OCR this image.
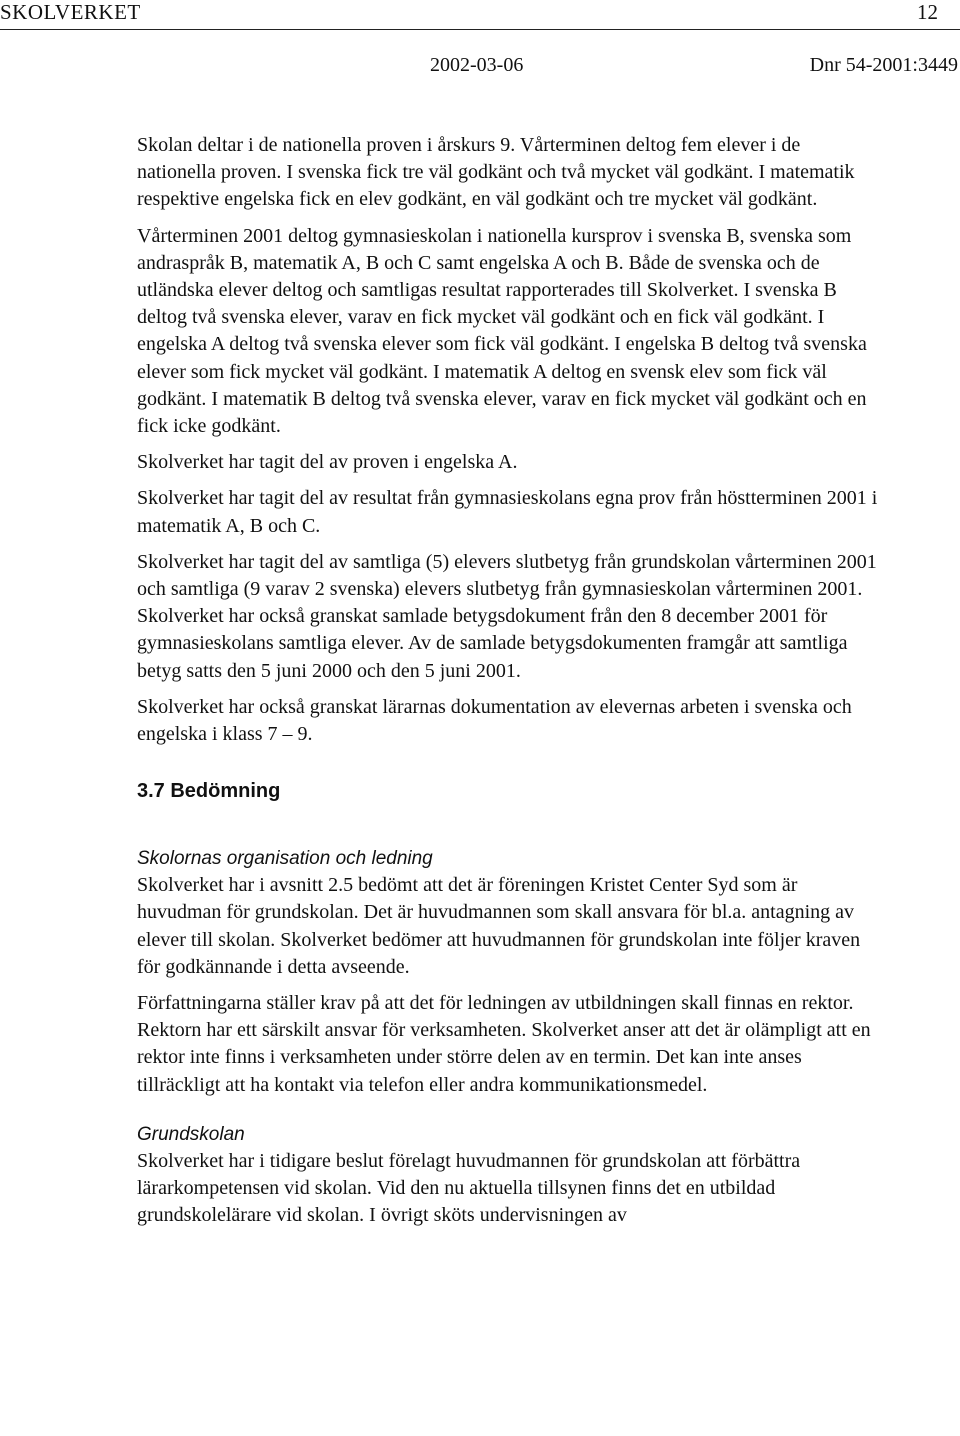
SKOLVERKET	12
2002-03-06	Dnr 54-2001:3449

Skolan deltar i de nationella proven i årskurs 9. Vårterminen deltog fem elever i de nationella proven. I svenska fick tre väl godkänt och två mycket väl godkänt. I matematik respektive engelska fick en elev godkänt, en väl godkänt och tre mycket väl godkänt.

Vårterminen 2001 deltog gymnasieskolan i nationella kursprov i svenska B, svenska som andraspråk B, matematik A, B och C samt engelska A och B. Både de svenska och de utländska elever deltog och samtligas resultat rapporterades till Skolverket. I svenska B deltog två svenska elever, varav en fick mycket väl godkänt och en fick väl godkänt. I engelska A deltog två svenska elever som fick väl godkänt. I engelska B deltog två svenska elever som fick mycket väl godkänt. I matematik A deltog en svensk elev som fick väl godkänt. I matematik B deltog två svenska elever, varav en fick mycket väl godkänt och en fick icke godkänt.

Skolverket har tagit del av proven i engelska A.

Skolverket har tagit del av resultat från gymnasieskolans egna prov från höstterminen 2001 i matematik A, B och C.

Skolverket har tagit del av samtliga (5) elevers slutbetyg från grundskolan vårterminen 2001 och samtliga (9 varav 2 svenska) elevers slutbetyg från gymnasieskolan vårterminen 2001. Skolverket har också granskat samlade betygsdokument från den 8 december 2001 för gymnasieskolans samtliga elever. Av de samlade betygsdokumenten framgår att samtliga betyg satts den 5 juni 2000 och den 5 juni 2001.

Skolverket har också granskat lärarnas dokumentation av elevernas arbeten i svenska och engelska i klass 7 – 9.

3.7 Bedömning
Skolornas organisation och ledning

Skolverket har i avsnitt 2.5 bedömt att det är föreningen Kristet Center Syd som är huvudman för grundskolan. Det är huvudmannen som skall ansvara för bl.a. antagning av elever till skolan. Skolverket bedömer att huvudmannen för grundskolan inte följer kraven för godkännande i detta avseende.

Författningarna ställer krav på att det för ledningen av utbildningen skall finnas en rektor. Rektorn har ett särskilt ansvar för verksamheten. Skolverket anser att det är olämpligt att en rektor inte finns i verksamheten under större delen av en termin. Det kan inte anses tillräckligt att ha kontakt via telefon eller andra kommunikationsmedel.

Grundskolan

Skolverket har i tidigare beslut förelagt huvudmannen för grundskolan att förbättra lärarkompetensen vid skolan. Vid den nu aktuella tillsynen finns det en utbildad grundskolelärare vid skolan. I övrigt sköts undervisningen av
